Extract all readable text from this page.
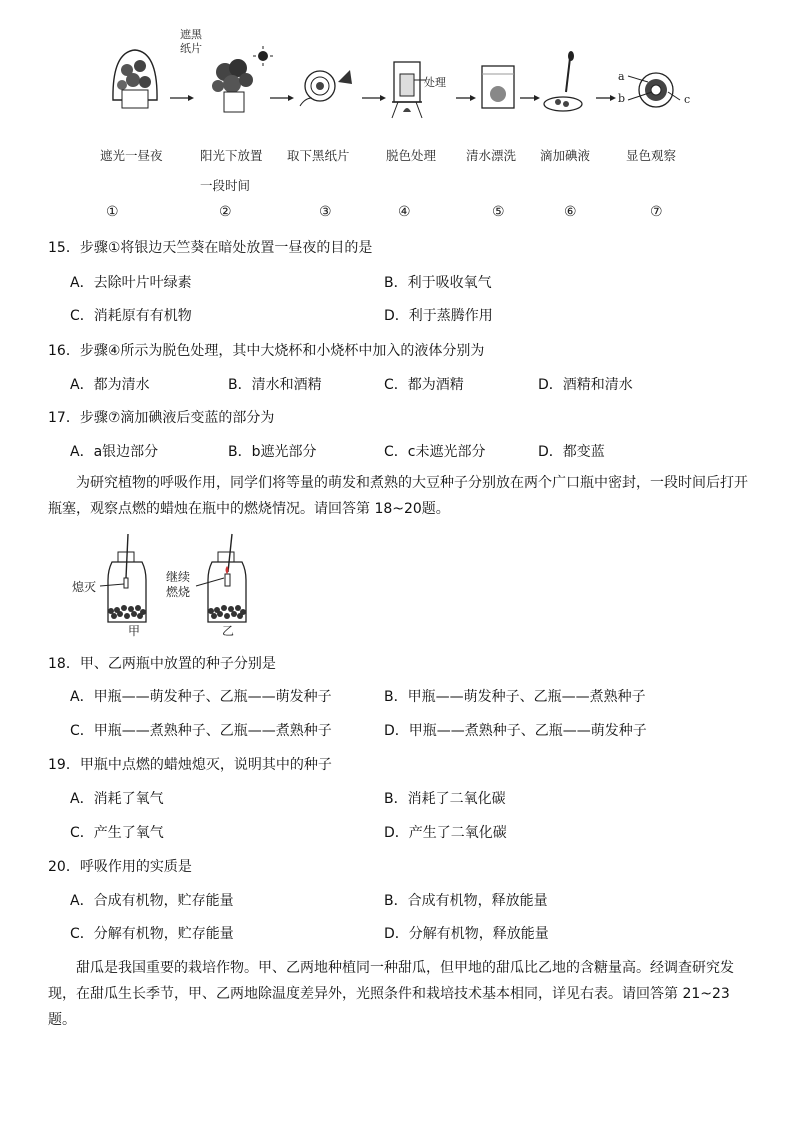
遮黑
纸片
处理	a
b	c
遮光一昼夜	阳光下放置
一段时间
取下黑纸片	脱色处理 清水漂洗 滴加碘液	显色观察
①	②	③	④	⑤	⑥	⑦
15．步骤①将银边天竺葵在暗处放置一昼夜的目的是
A．去除叶片叶绿素	B．利于吸收氧气
C．消耗原有有机物	D．利于蒸腾作用
16．步骤④所示为脱色处理，其中大烧杯和小烧杯中加入的液体分别为
A．都为清水	B．清水和酒精	C．都为酒精	D．酒精和清水
17．步骤⑦滴加碘液后变蓝的部分为
A．a银边部分	B．b遮光部分	C．c未遮光部分	D．都变蓝
为研究植物的呼吸作用，同学们将等量的萌发和煮熟的大豆种子分别放在两个广口瓶中密封，一段时间后打开瓶塞，观察点燃的蜡烛在瓶中的燃烧情况。请回答第 18~20题。
熄灭
继续
燃烧
甲	乙
18．甲、乙两瓶中放置的种子分别是
A．甲瓶——萌发种子、乙瓶——萌发种子	B．甲瓶——萌发种子、乙瓶——煮熟种子
C．甲瓶——煮熟种子、乙瓶——煮熟种子	D．甲瓶——煮熟种子、乙瓶——萌发种子
19．甲瓶中点燃的蜡烛熄灭，说明其中的种子
A．消耗了氧气	B．消耗了二氧化碳
C．产生了氧气	D．产生了二氧化碳
20．呼吸作用的实质是
A．合成有机物，贮存能量	B．合成有机物，释放能量
C．分解有机物，贮存能量	D．分解有机物，释放能量
甜瓜是我国重要的栽培作物。甲、乙两地种植同一种甜瓜，但甲地的甜瓜比乙地的含糖量高。经调查研究发现，在甜瓜生长季节，甲、乙两地除温度差异外，光照条件和栽培技术基本相同，详见右表。请回答第 21~23题。
